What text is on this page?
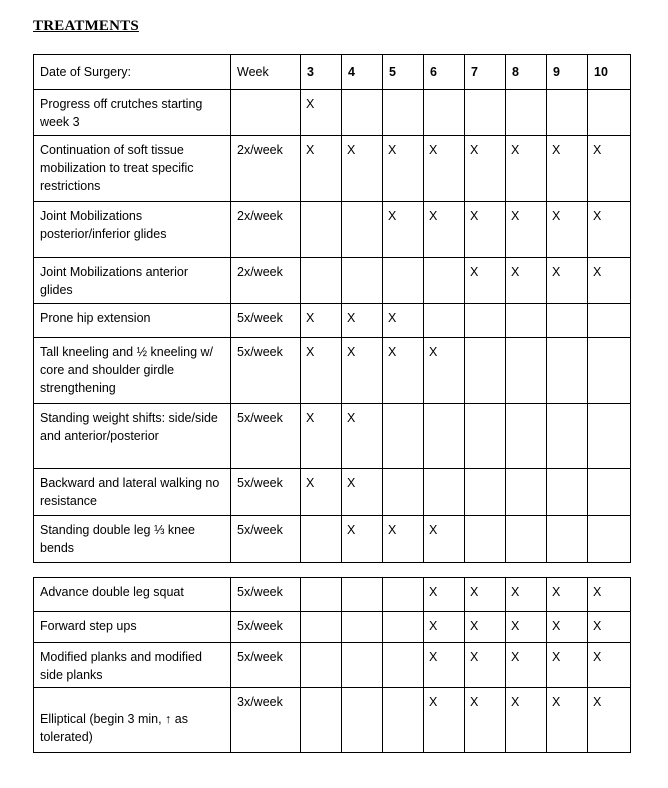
TREATMENTS
Date of Surgery:	Week	3	4	5	6	7	8	9	10
Progress off crutches starting week 3		X							
Continuation of soft tissue mobilization to treat specific restrictions	2x/week	X	X	X	X	X	X	X	X
Joint Mobilizations posterior/inferior glides	2x/week			X	X	X	X	X	X
Joint Mobilizations anterior glides	2x/week					X	X	X	X
Prone hip extension	5x/week	X	X	X					
Tall kneeling and ½ kneeling w/ core and shoulder girdle strengthening	5x/week	X	X	X	X				
Standing weight shifts: side/side and anterior/posterior	5x/week	X	X						
Backward and lateral walking no resistance	5x/week	X	X						
Standing double leg ⅓ knee bends	5x/week		X	X	X				
Advance double leg squat	5x/week				X	X	X	X	X
Forward step ups	5x/week				X	X	X	X	X
Modified planks and modified side planks	5x/week				X	X	X	X	X
Elliptical (begin 3 min, ↑ as tolerated)	3x/week				X	X	X	X	X
